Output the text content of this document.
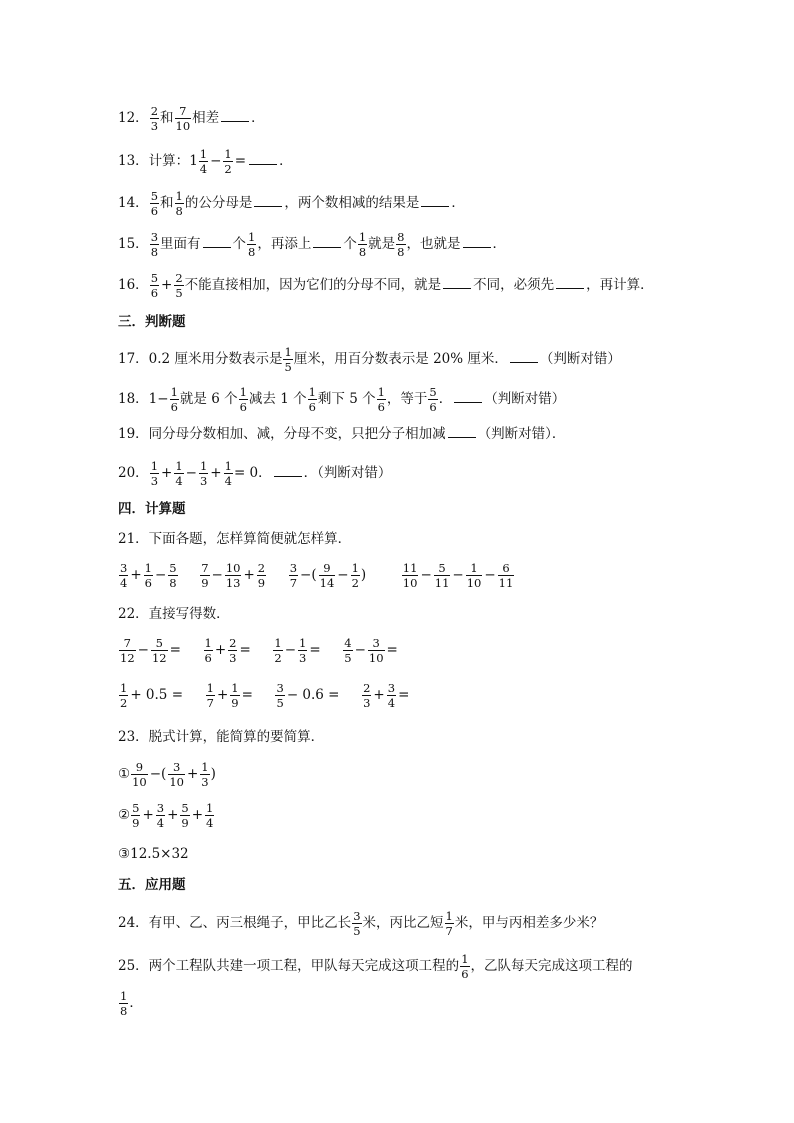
12． $\frac{2}{3}$ 和 $\frac{7}{10}$ 相差 ．
13．计算：$1 \frac{1}{4} - \frac{1}{2}$ = ．
14． $\frac{5}{6}$ 和 $\frac{1}{8}$ 的公分母是 ，两个数相减的结果是 ．
15． $\frac{3}{8}$ 里面有 个 $\frac{1}{8}$ ，再添上 个 $\frac{1}{8}$ 就是 $\frac{8}{8}$ ，也就是 ．
16． $\frac{5}{6} + \frac{2}{5}$ 不能直接相加，因为它们的分母不同，就是 不同，必须先 ，再计算．
三．判断题
17．0.2 厘米用分数表示是 $\frac{1}{5}$ 厘米，用百分数表示是 20% 厘米． （判断对错）
18．$1- \frac{1}{6}$ 就是 6 个 $\frac{1}{6}$ 减去 1 个 $\frac{1}{6}$ 剩下 5 个 $\frac{1}{6}$ ，等于 $\frac{5}{6}$ ． （判断对错）
19．同分母分数相加、减，分母不变，只把分子相加减 （判断对错）．
20． $\frac{1}{3} + \frac{1}{4} - \frac{1}{3} + \frac{1}{4} = 0$． ．（判断对错）
四．计算题
21．下面各题，怎样算简便就怎样算．
$\frac{3}{4} + \frac{1}{6} - \frac{5}{8}$
$\frac{7}{9} - \frac{10}{13} + \frac{2}{9}$
$\frac{3}{7}$ −( $\frac{9}{14} - \frac{1}{2}$ )	$\frac{11}{10} - \frac{5}{11} - \frac{1}{10} - \frac{6}{11}$
22．直接写得数．
$\frac{7}{12} - \frac{5}{12} = \frac{1}{6} + \frac{2}{3} = \frac{1}{2} - \frac{1}{3} = \frac{4}{5} - \frac{3}{10}$ =
$\frac{1}{2} + 0.5 = \frac{1}{7} + \frac{1}{9} = \frac{3}{5} - 0.6 = \frac{2}{3} + \frac{3}{4}$ =
23．脱式计算，能简算的要简算．
① $\frac{9}{10}$ −( $\frac{3}{10} + \frac{1}{3}$ )
② $\frac{5}{9} + \frac{3}{4} + \frac{5}{9} + \frac{1}{4}$
③12.5×32
五．应用题
24．有甲、乙、丙三根绳子，甲比乙长 $\frac{3}{5}$ 米，丙比乙短 $\frac{1}{7}$ 米，甲与丙相差多少米？
25．两个工程队共建一项工程，甲队每天完成这项工程的 $\frac{1}{6}$ ，乙队每天完成这项工程的
$\frac{1}{8}$ ．
